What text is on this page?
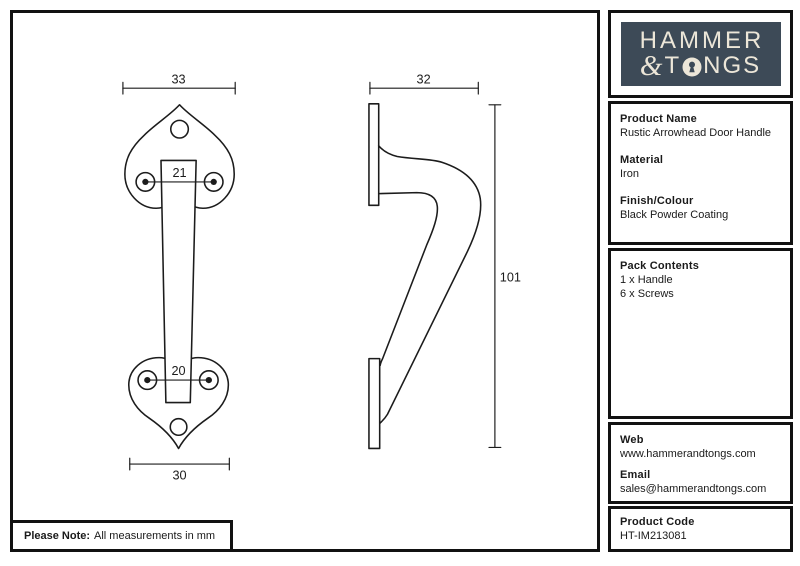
21
20
33
30
32
101
Please Note: All measurements in mm
HAMMER
& T NGS
Product Name
Rustic Arrowhead Door Handle
Material
Iron
Finish/Colour
Black Powder Coating
Pack Contents
1 x Handle
6 x Screws
Web
www.hammerandtongs.com
Email
sales@hammerandtongs.com
Product Code
HT-IM213081
